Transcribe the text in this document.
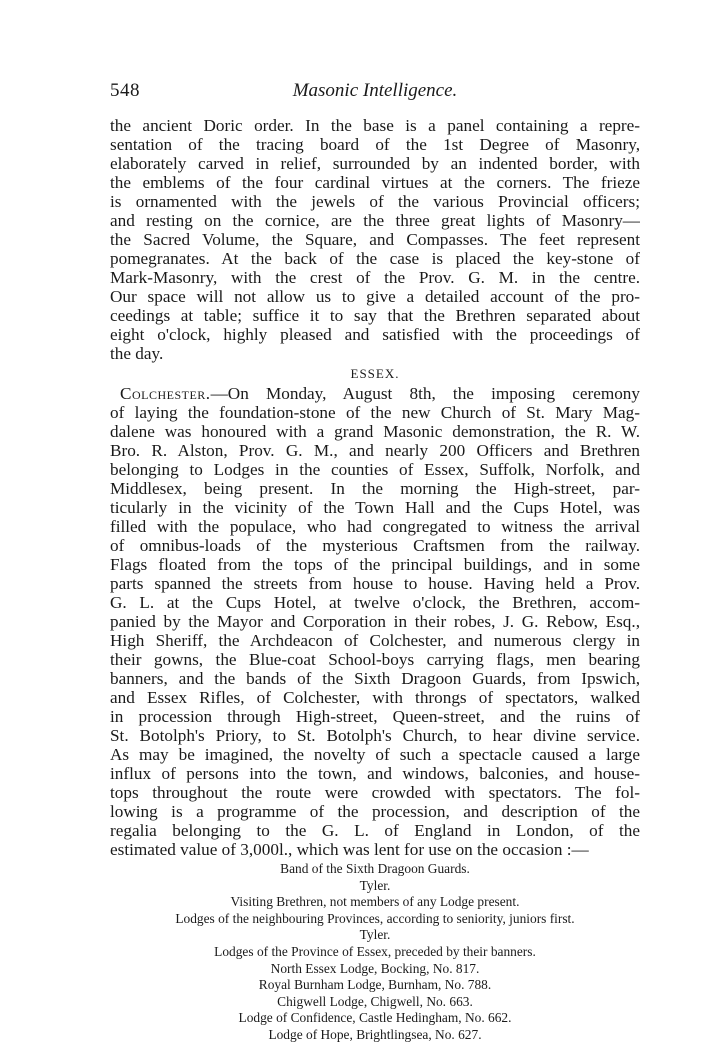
548	Masonic Intelligence.
the ancient Doric order. In the base is a panel containing a repre-
sentation of the tracing board of the 1st Degree of Masonry,
elaborately carved in relief, surrounded by an indented border, with
the emblems of the four cardinal virtues at the corners. The frieze
is ornamented with the jewels of the various Provincial officers;
and resting on the cornice, are the three great lights of Masonry—
the Sacred Volume, the Square, and Compasses. The feet represent
pomegranates. At the back of the case is placed the key-stone of
Mark-Masonry, with the crest of the Prov. G. M. in the centre.
Our space will not allow us to give a detailed account of the pro-
ceedings at table; suffice it to say that the Brethren separated about
eight o'clock, highly pleased and satisfied with the proceedings of
the day.
ESSEX.
Colchester.—On Monday, August 8th, the imposing ceremony
of laying the foundation-stone of the new Church of St. Mary Mag-
dalene was honoured with a grand Masonic demonstration, the R. W.
Bro. R. Alston, Prov. G. M., and nearly 200 Officers and Brethren
belonging to Lodges in the counties of Essex, Suffolk, Norfolk, and
Middlesex, being present. In the morning the High-street, par-
ticularly in the vicinity of the Town Hall and the Cups Hotel, was
filled with the populace, who had congregated to witness the arrival
of omnibus-loads of the mysterious Craftsmen from the railway.
Flags floated from the tops of the principal buildings, and in some
parts spanned the streets from house to house. Having held a Prov.
G. L. at the Cups Hotel, at twelve o'clock, the Brethren, accom-
panied by the Mayor and Corporation in their robes, J. G. Rebow, Esq.,
High Sheriff, the Archdeacon of Colchester, and numerous clergy in
their gowns, the Blue-coat School-boys carrying flags, men bearing
banners, and the bands of the Sixth Dragoon Guards, from Ipswich,
and Essex Rifles, of Colchester, with throngs of spectators, walked
in procession through High-street, Queen-street, and the ruins of
St. Botolph's Priory, to St. Botolph's Church, to hear divine service.
As may be imagined, the novelty of such a spectacle caused a large
influx of persons into the town, and windows, balconies, and house-
tops throughout the route were crowded with spectators. The fol-
lowing is a programme of the procession, and description of the
regalia belonging to the G. L. of England in London, of the
estimated value of 3,000l., which was lent for use on the occasion :—
Band of the Sixth Dragoon Guards.
Tyler.
Visiting Brethren, not members of any Lodge present.
Lodges of the neighbouring Provinces, according to seniority, juniors first.
Tyler.
Lodges of the Province of Essex, preceded by their banners.
North Essex Lodge, Bocking, No. 817.
Royal Burnham Lodge, Burnham, No. 788.
Chigwell Lodge, Chigwell, No. 663.
Lodge of Confidence, Castle Hedingham, No. 662.
Lodge of Hope, Brightlingsea, No. 627.
